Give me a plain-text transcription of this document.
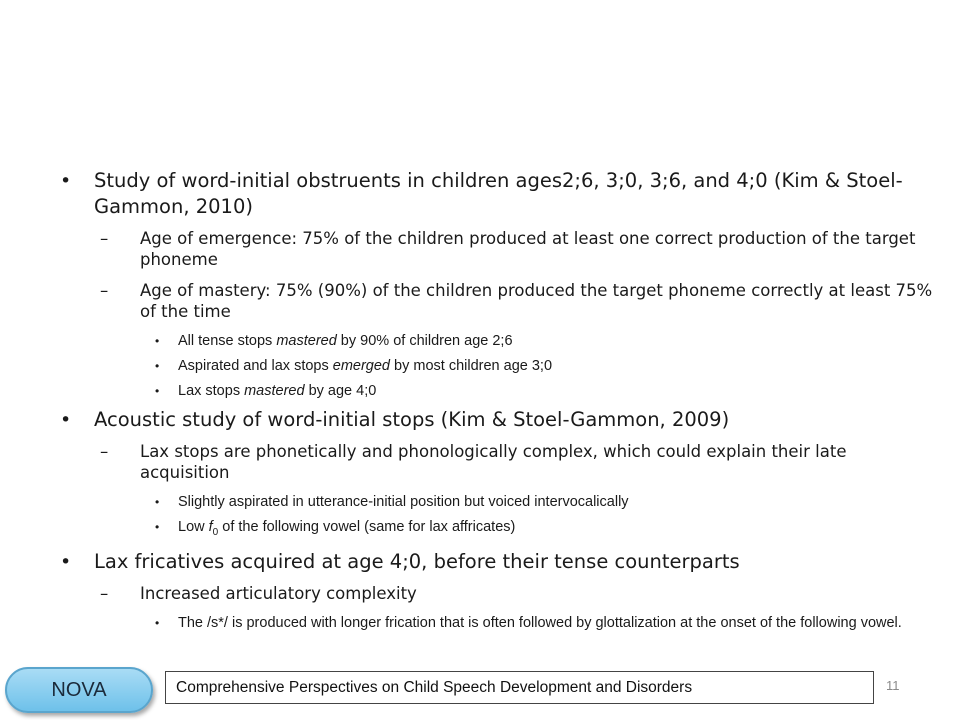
• Study of word-initial obstruents in children ages2;6, 3;0, 3;6, and 4;0 (Kim & Stoel-Gammon, 2010)
– Age of emergence: 75% of the children produced at least one correct production of the target phoneme
– Age of mastery: 75% (90%) of the children produced the target phoneme correctly at least 75% of the time
• All tense stops mastered by 90% of children age 2;6
• Aspirated and lax stops emerged by most children age 3;0
• Lax stops mastered by age 4;0
• Acoustic study of word-initial stops (Kim & Stoel-Gammon, 2009)
– Lax stops are phonetically and phonologically complex, which could explain their late acquisition
• Slightly aspirated in utterance-initial position but voiced intervocalically
• Low $f_0$ of the following vowel (same for lax affricates)
• Lax fricatives acquired at age 4;0, before their tense counterparts
– Increased articulatory complexity
• The /s*/ is produced with longer frication that is often followed by glottalization at the onset of the following vowel.
NOVA	Comprehensive Perspectives on Child Speech Development and Disorders	11
